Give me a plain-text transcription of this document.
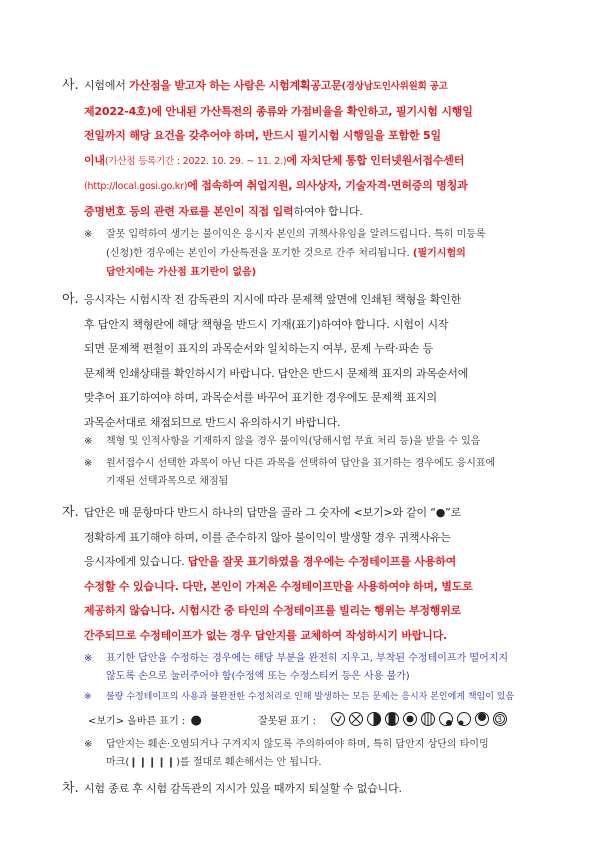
사. 시험에서 가산점을 받고자 하는 사람은 시험계획공고문(경상남도인사위원회 공고
제2022-4호)에 안내된 가산특전의 종류와 가점비율을 확인하고, 필기시험 시행일
전일까지 해당 요건을 갖추어야 하며, 반드시 필기시험 시행일을 포함한 5일
이내(가산점 등록기간 : 2022. 10. 29. ~ 11. 2.)에 자치단체 통합 인터넷원서접수센터
(http://local.gosi.go.kr)에 접속하여 취업지원, 의사상자, 기술자격·면허증의 명칭과
증명번호 등의 관련 자료를 본인이 직접 입력하여야 합니다.
※ 잘못 입력하여 생기는 불이익은 응시자 본인의 귀책사유임을 알려드립니다. 특히 미등록
(신청)한 경우에는 본인이 가산특전을 포기한 것으로 간주 처리됩니다. (필기시험의
답안지에는 가산점 표기란이 없음)
아. 응시자는 시험시작 전 감독관의 지시에 따라 문제책 앞면에 인쇄된 책형을 확인한
후 답안지 책형란에 해당 책형을 반드시 기재(표기)하여야 합니다. 시험이 시작
되면 문제책 편철이 표지의 과목순서와 일치하는지 여부, 문제 누락·파손 등
문제책 인쇄상태를 확인하시기 바랍니다. 답안은 반드시 문제책 표지의 과목순서에
맞추어 표기하여야 하며, 과목순서를 바꾸어 표기한 경우에도 문제책 표지의
과목순서대로 채점되므로 반드시 유의하시기 바랍니다.
※ 책형 및 인적사항을 기재하지 않을 경우 불이익(당해시험 무효 처리 등)을 받을 수 있음
※ 원서접수시 선택한 과목이 아닌 다른 과목을 선택하여 답안을 표기하는 경우에도 응시표에
기재된 선택과목으로 채점됨
자. 답안은 매 문항마다 반드시 하나의 답만을 골라 그 숫자에 <보기>와 같이 “●”로
정확하게 표기해야 하며, 이를 준수하지 않아 불이익이 발생할 경우 귀책사유는
응시자에게 있습니다. 답안을 잘못 표기하였을 경우에는 수정테이프를 사용하여
수정할 수 있습니다. 다만, 본인이 가져온 수정테이프만을 사용하여야 하며, 별도로
제공하지 않습니다. 시험시간 중 타인의 수정테이프를 빌리는 행위는 부정행위로
간주되므로 수정테이프가 없는 경우 답안지를 교체하여 작성하시기 바랍니다.
※ 표기한 답안을 수정하는 경우에는 해당 부분을 완전히 지우고, 부착된 수정테이프가 떨어지지
않도록 손으로 눌러주어야 함(수정액 또는 수정스티커 등은 사용 불가)
※ 불량 수정테이프의 사용과 불완전한 수정처리로 인해 발생하는 모든 문제는 응시자 본인에게 책임이 있음
<보기> 올바른 표기 : ●	잘못된 표기 :	3
※ 답안지는 훼손·오염되거나 구겨지지 않도록 주의하여야 하며, 특히 답안지 상단의 타이밍
마크(❙❙❙❙❙)를 절대로 훼손해서는 안 됩니다.
차. 시험 종료 후 시험 감독관의 지시가 있을 때까지 퇴실할 수 없습니다.
